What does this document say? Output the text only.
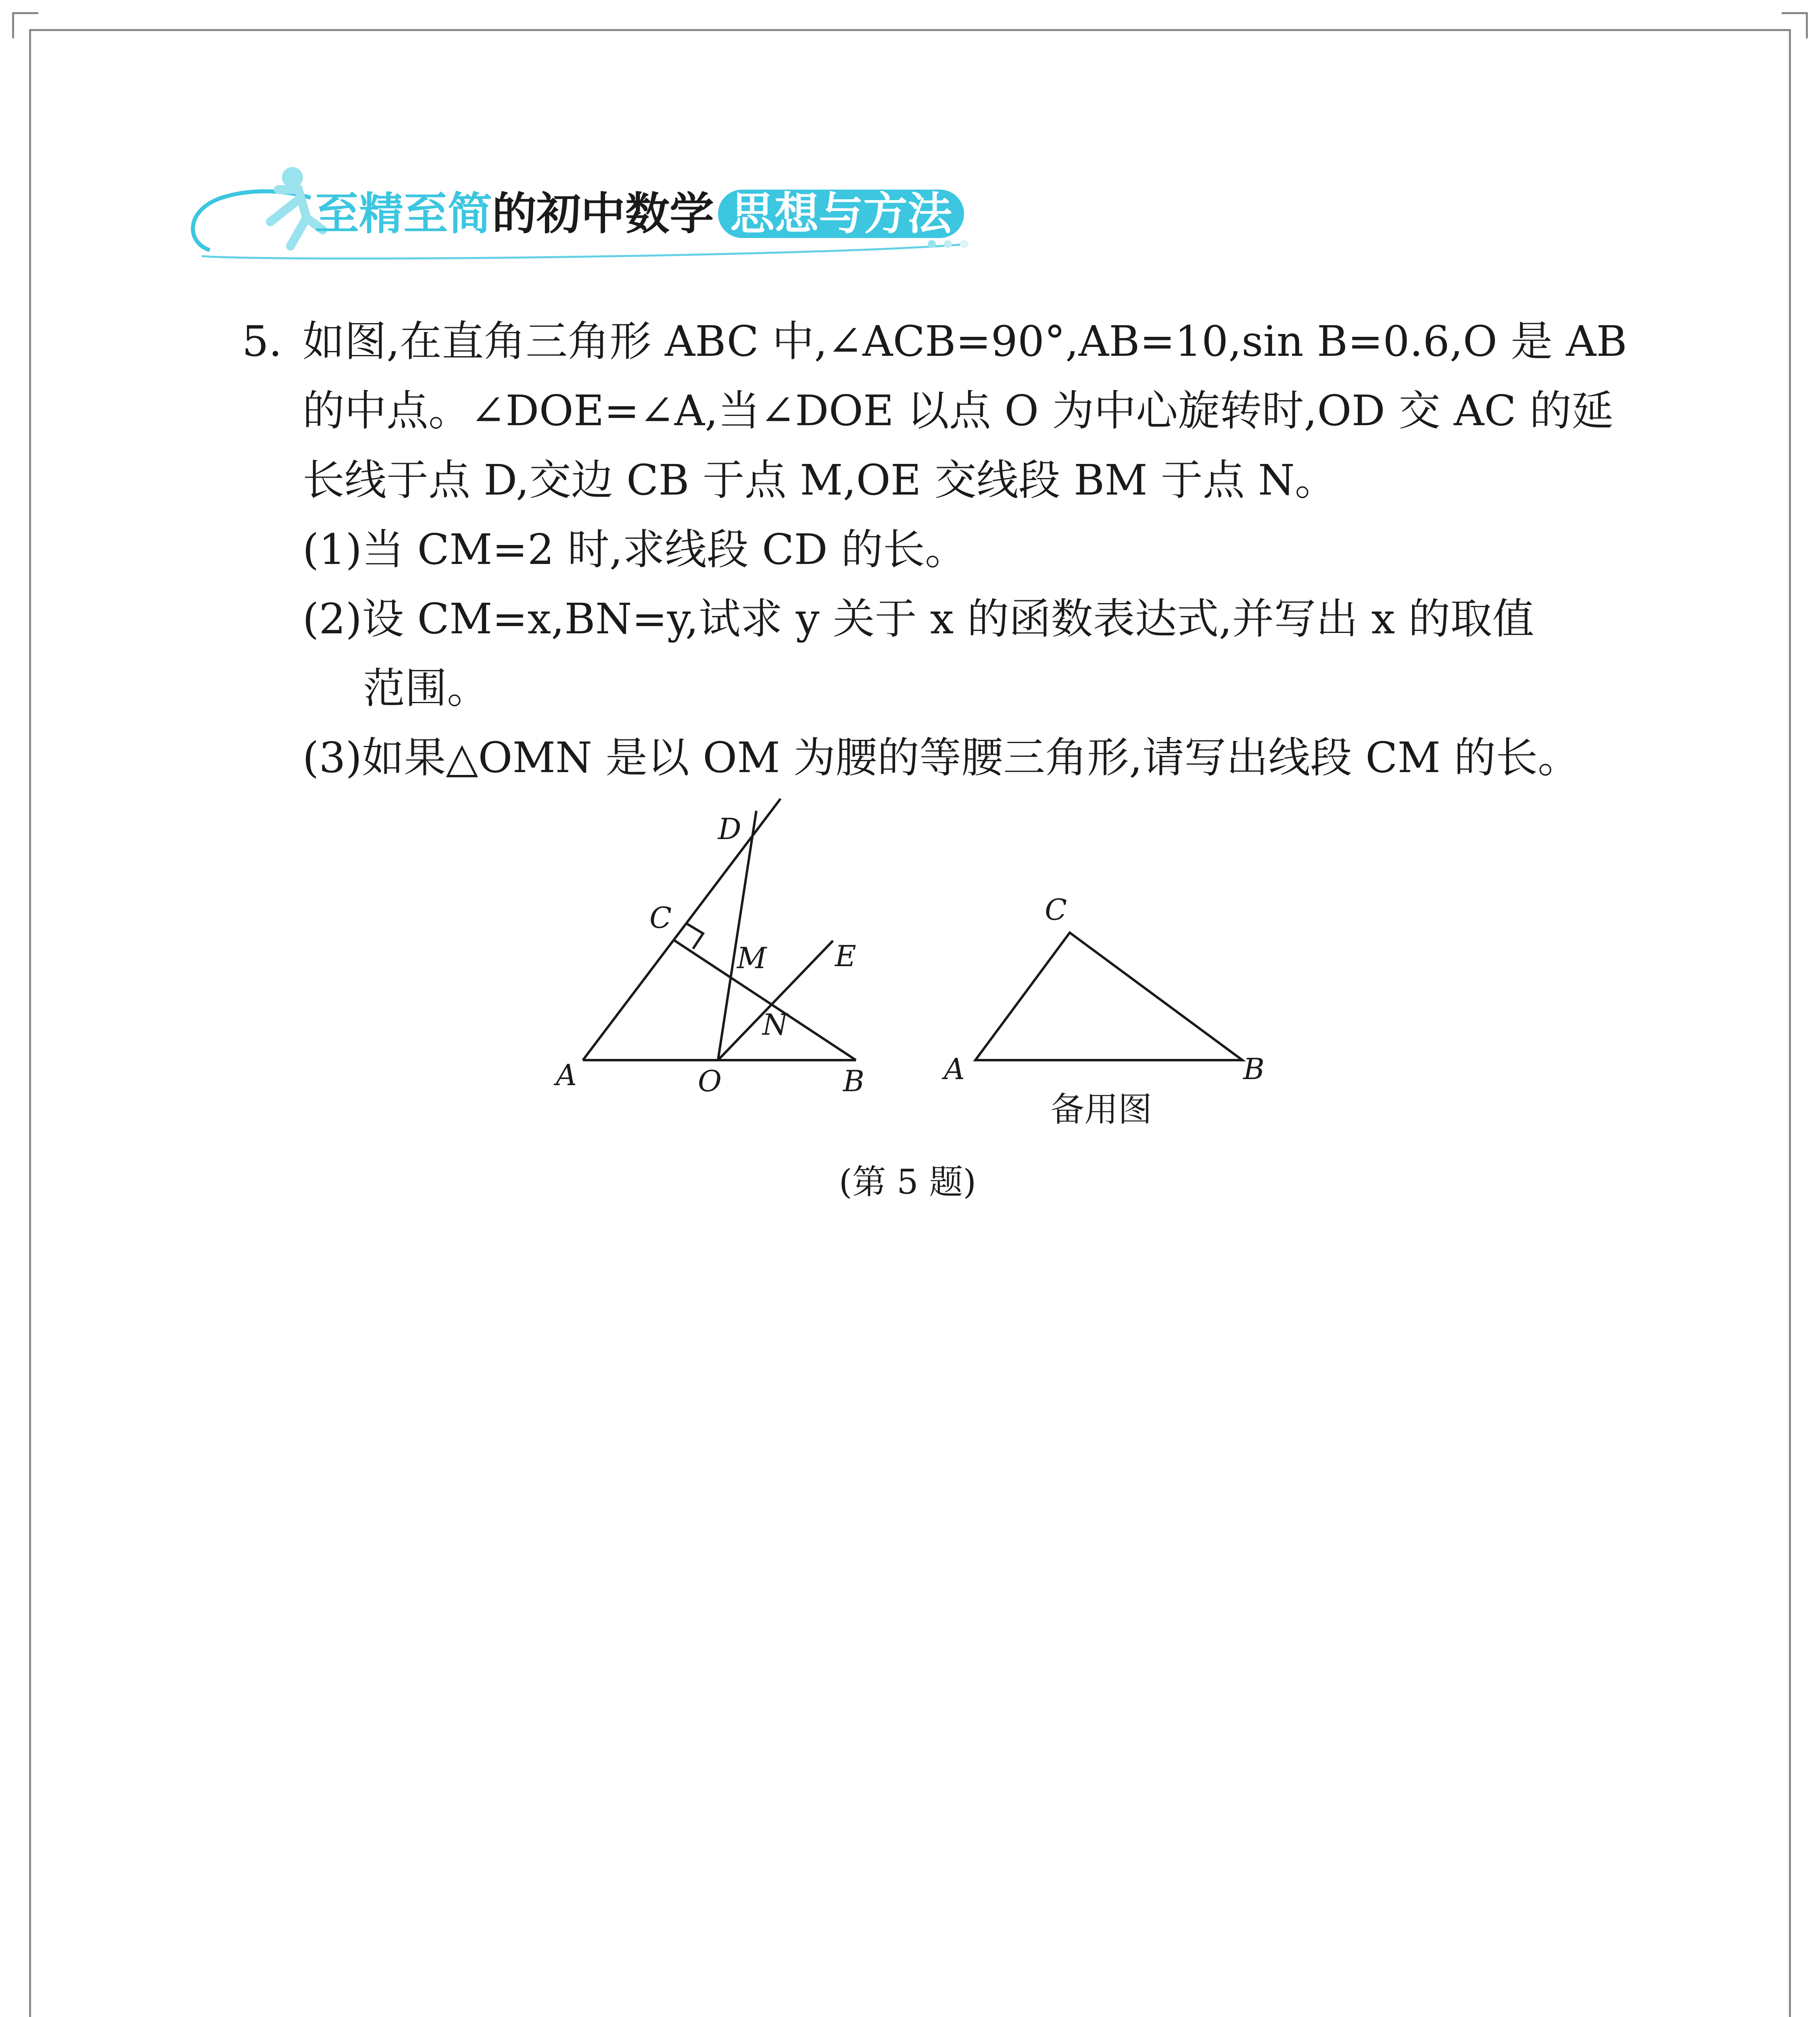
至精至简的初中数学 思想与方法
5. 如图,在直角三角形 ABC 中,∠ACB=90°,AB=10,sin B=0.6,O 是 AB
的中点。∠DOE=∠A,当∠DOE 以点 O 为中心旋转时,OD 交 AC 的延
长线于点 D,交边 CB 于点 M,OE 交线段 BM 于点 N。
(1)当 CM=2 时,求线段 CD 的长。
(2)设 CM=x,BN=y,试求 y 关于 x 的函数表达式,并写出 x 的取值
范围。
(3)如果△OMN 是以 OM 为腰的等腰三角形,请写出线段 CM 的长。
A	O	B
C
D
M E
N
A	B
C
备用图
(第 5 题)
